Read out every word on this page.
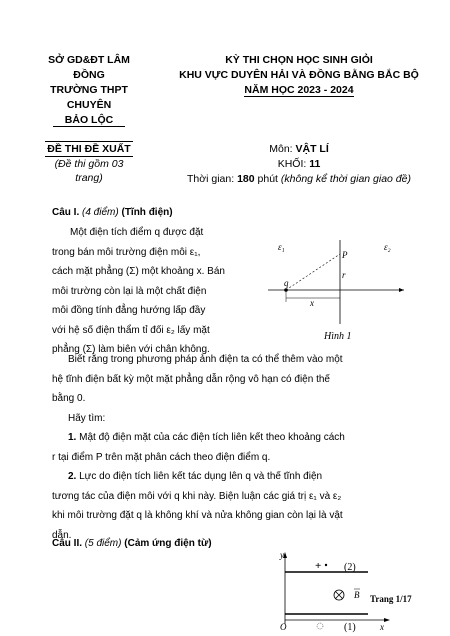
SỞ GD&ĐT LÂM
ĐỒNG
TRƯỜNG THPT
CHUYÊN
BẢO LỘC
KỲ THI CHỌN HỌC SINH GIỎI
KHU VỰC DUYÊN HẢI VÀ ĐỒNG BẰNG BẮC BỘ
NĂM HỌC 2023 - 2024
ĐỀ THI ĐỀ XUẤT
(Đề thi gồm 03
trang)
Môn: VẬT LÍ
KHỐI: 11
Thời gian: 180 phút (không kể thời gian giao đề)
Câu I. (4 điểm) (Tĩnh điện)
Một điện tích điểm q được đặt
trong bán môi trường điện môi ε₁,
cách mặt phẳng (Σ) một khoảng x. Bán
môi trường còn lại là một chất điện
môi đồng tính đẳng hướng lấp đầy
với hệ số điện thẩm tỉ đối ε₂ lấy mặt
phẳng (Σ) làm biên với chân không.
ε₁	ε₂
P
r
q
x
Hình 1
Biết rằng trong phương pháp ảnh điện ta có thể thêm vào một
hệ tĩnh điện bất kỳ một mặt phẳng dẫn rộng vô hạn có điện thế
bằng 0.
Hãy tìm:
1. Mật độ điện mặt của các điện tích liên kết theo khoảng cách
r tại điểm P trên mặt phân cách theo điện điểm q.
2. Lực do điện tích liên kết tác dụng lên q và thế tĩnh điện
tương tác của điện môi với q khi này. Biện luận các giá trị ε₁ và ε₂
khi môi trường đặt q là không khí và nửa không gian còn lại là vật
dẫn.
Câu II. (5 điểm) (Cảm ứng điện từ)
y
x
O
+ (2)
B
(1)
Trang 1/17
